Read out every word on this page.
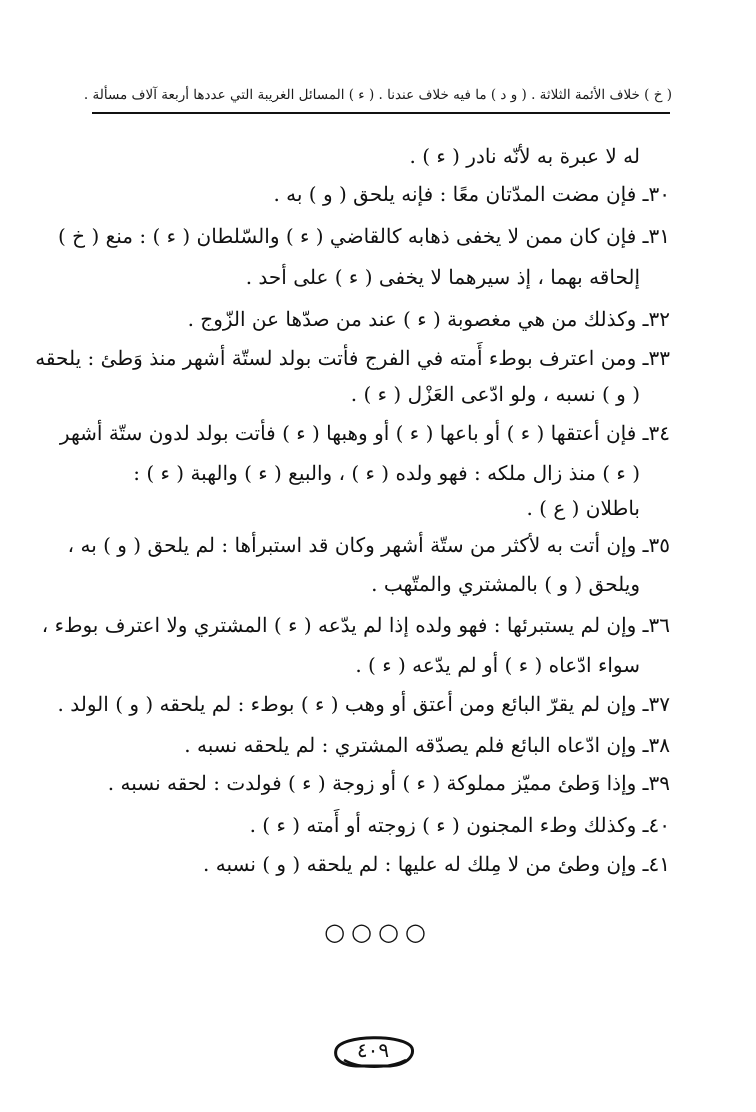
( خ ) خلاف الأئمة الثلاثة . ( و د ) ما فيه خلاف عندنا . ( ء ) المسائل الغريبة التي عددها أربعة آلاف مسألة .
له لا عبرة به لأنّه نادر ( ء ) .
٣٠ـ فإن مضت المدّتان معًا : فإنه يلحق ( و ) به .
٣١ـ فإن كان ممن لا يخفى ذهابه كالقاضي ( ء ) والسّلطان ( ء ) : منع ( خ )
إلحاقه بهما ، إذ سيرهما لا يخفى ( ء ) على أحد .
٣٢ـ وكذلك من هي مغصوبة ( ء ) عند من صدّها عن الزّوج .
٣٣ـ ومن اعترف بوطء أَمته في الفرج فأتت بولد لستّة أشهر منذ وَطئ : يلحقه
( و ) نسبه ، ولو ادّعى العَزْل ( ء ) .
٣٤ـ فإن أعتقها ( ء ) أو باعها ( ء ) أو وهبها ( ء ) فأتت بولد لدون ستّة أشهر
( ء ) منذ زال ملكه : فهو ولده ( ء ) ، والبيع ( ء ) والهبة ( ء ) :
باطلان ( ع ) .
٣٥ـ وإن أتت به لأكثر من ستّة أشهر وكان قد استبرأها : لم يلحق ( و ) به ،
ويلحق ( و ) بالمشتري والمتّهب .
٣٦ـ وإن لم يستبرئها : فهو ولده إذا لم يدّعه ( ء ) المشتري ولا اعترف بوطء ،
سواء ادّعاه ( ء ) أو لم يدّعه ( ء ) .
٣٧ـ وإن لم يقرّ البائع ومن أعتق أو وهب ( ء ) بوطء : لم يلحقه ( و ) الولد .
٣٨ـ وإن ادّعاه البائع فلم يصدّقه المشتري : لم يلحقه نسبه .
٣٩ـ وإذا وَطئ مميّز مملوكة ( ء ) أو زوجة ( ء ) فولدت : لحقه نسبه .
٤٠ـ وكذلك وطء المجنون ( ء ) زوجته أو أَمته ( ء ) .
٤١ـ وإن وطئ من لا مِلك له عليها : لم يلحقه ( و ) نسبه .
○○○○
٤٠٩
